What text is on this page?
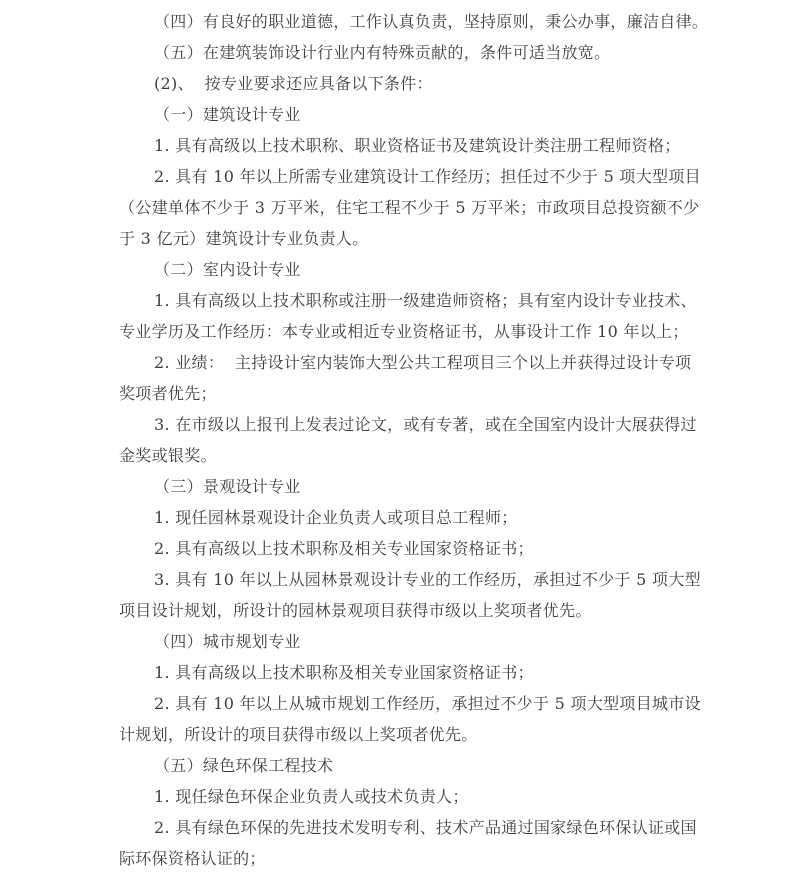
（四）有良好的职业道德，工作认真负责，坚持原则，秉公办事，廉洁自律。
（五）在建筑装饰设计行业内有特殊贡献的，条件可适当放宽。
(2)、  按专业要求还应具备以下条件：
（一）建筑设计专业
1. 具有高级以上技术职称、职业资格证书及建筑设计类注册工程师资格；
2. 具有 10 年以上所需专业建筑设计工作经历；担任过不少于 5 项大型项目
（公建单体不少于 3 万平米，住宅工程不少于 5 万平米；市政项目总投资额不少
于 3 亿元）建筑设计专业负责人。
（二）室内设计专业
1. 具有高级以上技术职称或注册一级建造师资格；具有室内设计专业技术、
专业学历及工作经历：本专业或相近专业资格证书，从事设计工作 10 年以上；
2. 业绩：  主持设计室内装饰大型公共工程项目三个以上并获得过设计专项
奖项者优先；
3. 在市级以上报刊上发表过论文，或有专著，或在全国室内设计大展获得过
金奖或银奖。
（三）景观设计专业
1. 现任园林景观设计企业负责人或项目总工程师；
2. 具有高级以上技术职称及相关专业国家资格证书；
3. 具有 10 年以上从园林景观设计专业的工作经历，承担过不少于 5 项大型
项目设计规划，所设计的园林景观项目获得市级以上奖项者优先。
（四）城市规划专业
1. 具有高级以上技术职称及相关专业国家资格证书；
2. 具有 10 年以上从城市规划工作经历，承担过不少于 5 项大型项目城市设
计规划，所设计的项目获得市级以上奖项者优先。
（五）绿色环保工程技术
1. 现任绿色环保企业负责人或技术负责人；
2. 具有绿色环保的先进技术发明专利、技术产品通过国家绿色环保认证或国
际环保资格认证的；
